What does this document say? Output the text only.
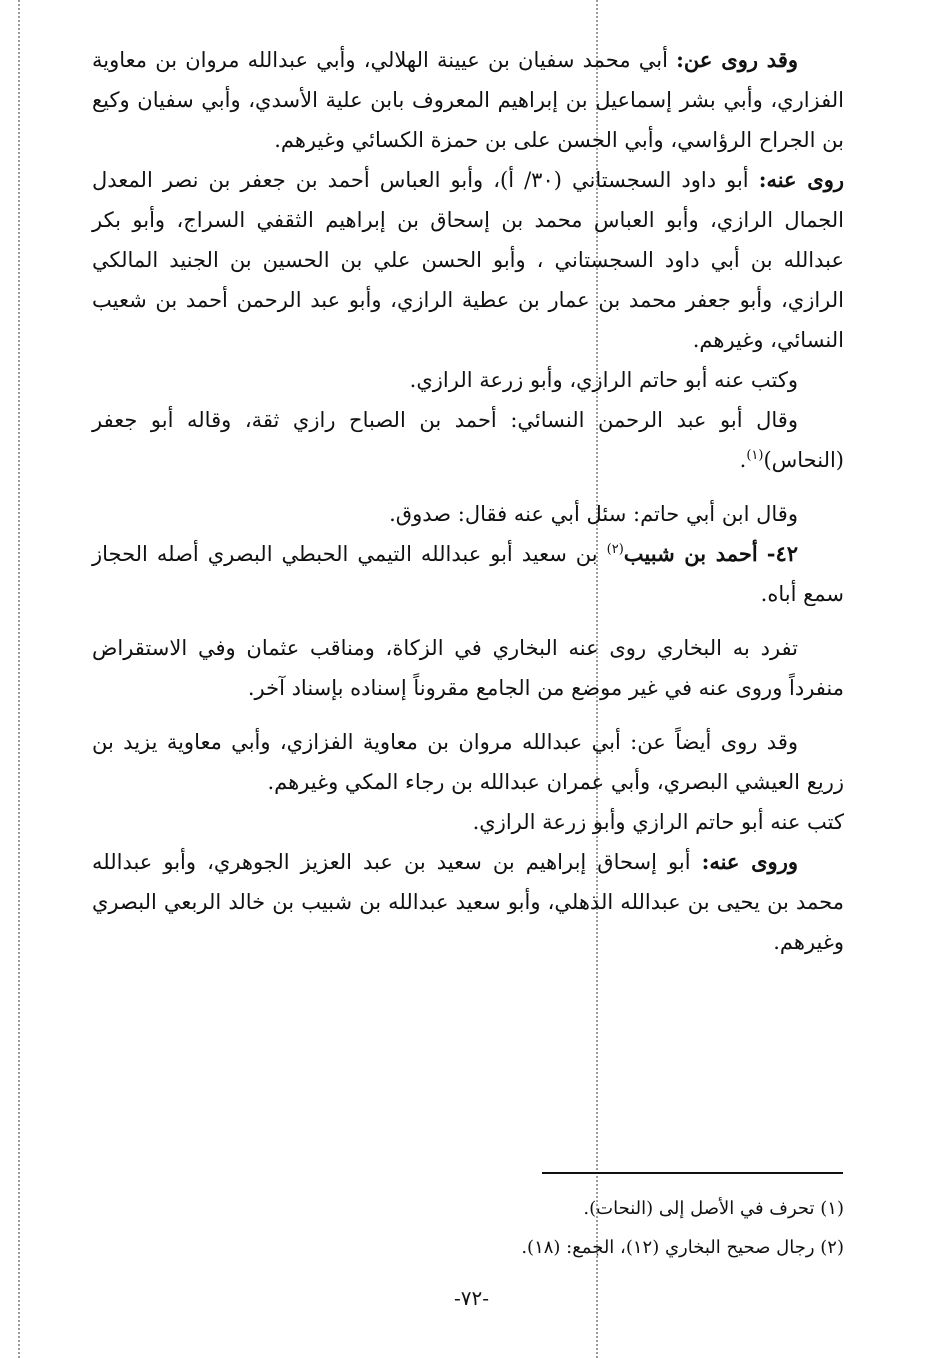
وقد روى عن: أبي محمد سفيان بن عيينة الهلالي، وأبي عبدالله مروان بن معاوية الفزاري، وأبي بشر إسماعيل بن إبراهيم المعروف بابن علية الأسدي، وأبي سفيان وكيع بن الجراح الرؤاسي، وأبي الحسن على بن حمزة الكسائي وغيرهم.

روى عنه: أبو داود السجستاني (٣٠/ أ)، وأبو العباس أحمد بن جعفر بن نصر المعدل الجمال الرازي، وأبو العباس محمد بن إسحاق بن إبراهيم الثقفي السراج، وأبو بكر عبدالله بن أبي داود السجستاني ، وأبو الحسن علي بن الحسين بن الجنيد المالكي الرازي، وأبو جعفر محمد بن عمار بن عطية الرازي، وأبو عبد الرحمن أحمد بن شعيب النسائي، وغيرهم.

وكتب عنه أبو حاتم الرازي، وأبو زرعة الرازي.

وقال أبو عبد الرحمن النسائي: أحمد بن الصباح رازي ثقة، وقاله أبو جعفر (النحاس)$^{(١)}$.

وقال ابن أبي حاتم: سئل أبي عنه فقال: صدوق.

٤٢- أحمد بن شبيب$^{(٢)}$ بن سعيد أبو عبدالله التيمي الحبطي البصري أصله الحجاز سمع أباه.

تفرد به البخاري روى عنه البخاري في الزكاة، ومناقب عثمان وفي الاستقراض منفرداً وروى عنه في غير موضع من الجامع مقروناً إسناده بإسناد آخر.

وقد روى أيضاً عن: أبي عبدالله مروان بن معاوية الفزازي، وأبي معاوية يزيد بن زريع العيشي البصري، وأبي عمران عبدالله بن رجاء المكي وغيرهم.

كتب عنه أبو حاتم الرازي وأبو زرعة الرازي.

وروى عنه: أبو إسحاق إبراهيم بن سعيد بن عبد العزيز الجوهري، وأبو عبدالله محمد بن يحيى بن عبدالله الذهلي، وأبو سعيد عبدالله بن شبيب بن خالد الربعي البصري وغيرهم.

(١) تحرف في الأصل إلى (النحات).
(٢) رجال صحيح البخاري (١٢)، الجمع: (١٨).
-٧٢-
